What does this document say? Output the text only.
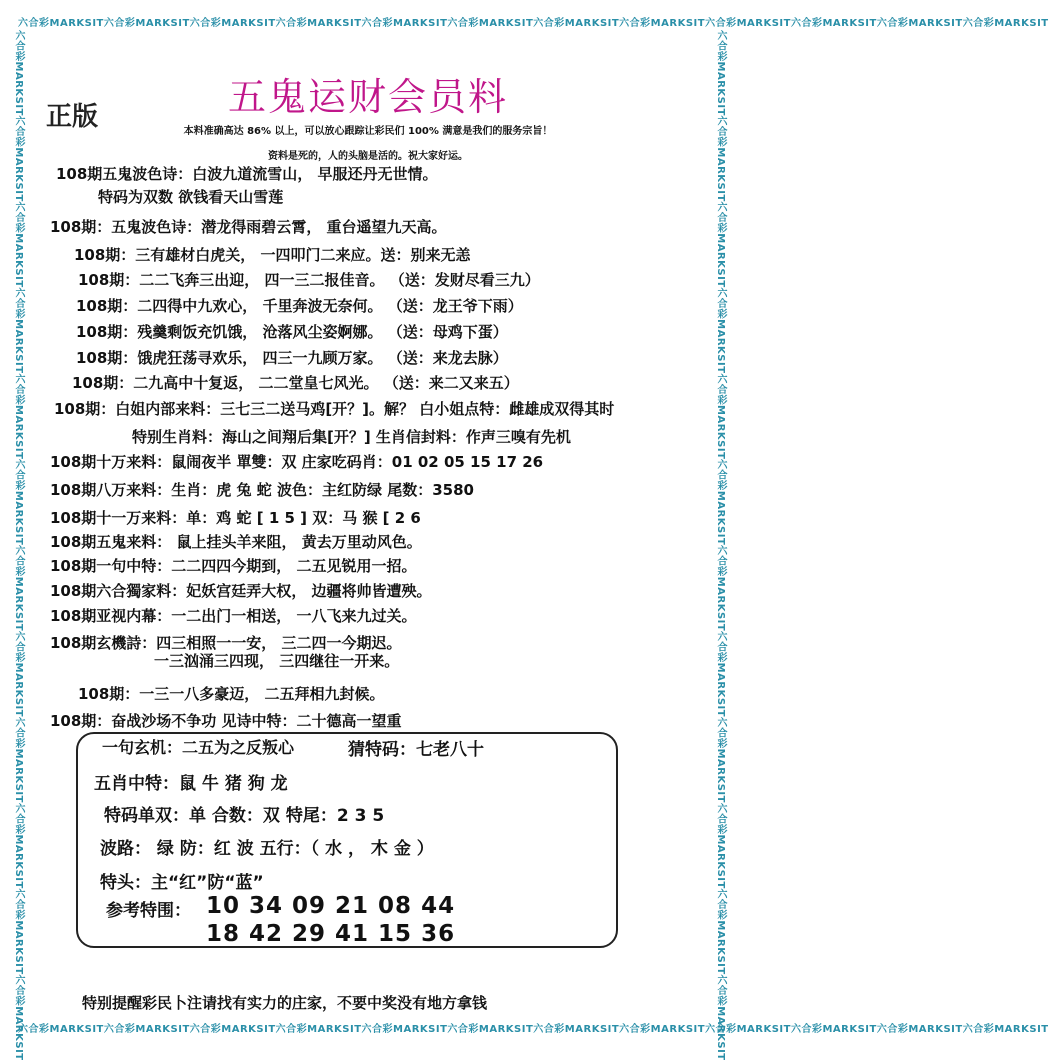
六合彩MARKSIT六合彩MARKSIT六合彩MARKSIT六合彩MARKSIT六合彩MARKSIT六合彩MARKSIT六合彩MARKSIT六合彩MARKSIT六合彩MARKSIT六合彩MARKSIT六合彩MARKSIT六合彩MARKSIT
六合彩MARKSIT六合彩MARKSIT六合彩MARKSIT六合彩MARKSIT六合彩MARKSIT六合彩MARKSIT六合彩MARKSIT六合彩MARKSIT六合彩MARKSIT六合彩MARKSIT六合彩MARKSIT六合彩MARKSIT
六合彩MARKSIT六合彩MARKSIT六合彩MARKSIT六合彩MARKSIT六合彩MARKSIT六合彩MARKSIT六合彩MARKSIT六合彩MARKSIT六合彩MARKSIT六合彩MARKSIT六合彩MARKSIT六合彩MARKSIT	六合彩MARKSIT六合彩MARKSIT六合彩MARKSIT六合彩MARKSIT六合彩MARKSIT六合彩MARKSIT六合彩MARKSIT六合彩MARKSIT六合彩MARKSIT六合彩MARKSIT六合彩MARKSIT六合彩MARKSIT
五鬼运财会员料
正版	本料准确高达 86% 以上，可以放心跟踪让彩民们 100% 满意是我们的服务宗旨！
资料是死的，人的头脑是活的。祝大家好运。
108期五鬼波色诗：白波九道流雪山， 早服还丹无世情。
特码为双数 欲钱看天山雪莲
108期：五鬼波色诗：潜龙得雨碧云霄， 重台遥望九天高。
108期：三有雄材白虎关， 一四叩门二来应。送：别来无恙
108期：二二飞奔三出迎， 四一三二报佳音。 （送：发财尽看三九）
108期：二四得中九欢心， 千里奔波无奈何。 （送：龙王爷下雨）
108期：残羹剩饭充饥饿， 沧落风尘姿婀娜。 （送：母鸡下蛋）
108期：饿虎狂荡寻欢乐， 四三一九顾万家。 （送：来龙去脉）
108期：二九高中十复返， 二二堂皇七风光。 （送：来二又来五）
108期：白姐内部来料：三七三二送马鸡[开？]。解？ 白小姐点特：雌雄成双得其时
特别生肖料：海山之间翔后集[开？] 生肖信封料：作声三嗅有先机
108期十万来料：鼠闹夜半 單雙：双 庄家吃码肖：01 02 05 15 17 26
108期八万来料：生肖：虎 兔 蛇 波色：主红防绿 尾数：3580
108期十一万来料：单：鸡 蛇 [ 1 5 ] 双：马 猴 [ 2 6
108期五鬼来料： 鼠上挂头羊来阻， 黄去万里动风色。
108期一句中特：二二四四今期到， 二五见锐用一招。
108期六合獨家料：妃妖宫廷弄大权， 边疆将帅皆遭殃。
108期亚视内幕：一二出门一相送， 一八飞来九过关。
108期玄機詩：四三相照一一安， 三二四一今期迟。
一三汹涌三四现， 三四继往一开来。
108期：一三一八多豪迈， 二五拜相九封候。
108期：奋战沙场不争功 见诗中特：二十德高一望重
一句玄机：二五为之反叛心	猜特码：七老八十
五肖中特：鼠 牛 猪 狗 龙
特码单双：单 合数：双 特尾：2 3 5
波路： 绿 防：红 波 五行：（ 水 ， 木 金 ）
特头：主“红”防“蓝”
参考特围： 10 34 09 21 08 44
18 42 29 41 15 36
特别提醒彩民卜注请找有实力的庄家，不要中奖没有地方拿钱
